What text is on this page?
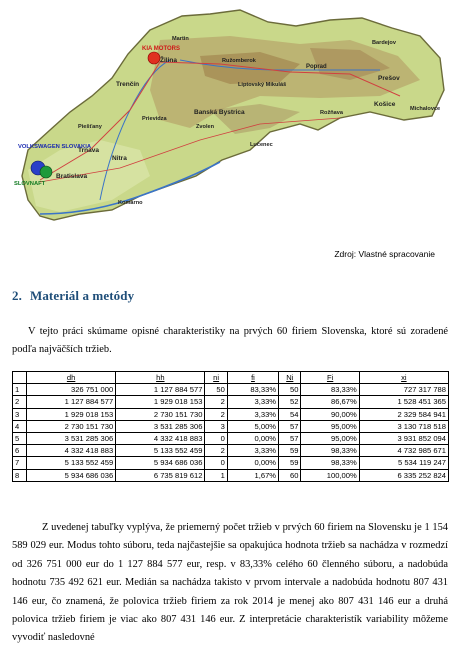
Žilina
Martin
Ružomberok
Liptovský Mikuláš
Poprad
Prešov
Košice
Rožňava
Banská Bystrica
Trenčín
Prievidza
Piešťany
Nitra
Trnava
Bratislava
Lučenec
Komárno
Bardejov
Michalovce
Zvolen
KIA MOTORS
VOLKSWAGEN SLOVAKIA
SLOVNAFT
Zdroj: Vlastné spracovanie
2. Materiál a metódy
V tejto práci skúmame opisné charakteristiky na prvých 60 firiem Slovenska, ktoré sú zoradené podľa najväčších tržieb.
	dh	hh	ni	fi	Ni	Fi	xi
1	326 751 000	1 127 884 577	50	83,33%	50	83,33%	727 317 788
2	1 127 884 577	1 929 018 153	2	3,33%	52	86,67%	1 528 451 365
3	1 929 018 153	2 730 151 730	2	3,33%	54	90,00%	2 329 584 941
4	2 730 151 730	3 531 285 306	3	5,00%	57	95,00%	3 130 718 518
5	3 531 285 306	4 332 418 883	0	0,00%	57	95,00%	3 931 852 094
6	4 332 418 883	5 133 552 459	2	3,33%	59	98,33%	4 732 985 671
7	5 133 552 459	5 934 686 036	0	0,00%	59	98,33%	5 534 119 247
8	5 934 686 036	6 735 819 612	1	1,67%	60	100,00%	6 335 252 824
Z uvedenej tabuľky vyplýva, že priemerný počet tržieb v prvých 60 firiem na Slovensku je 1 154 589 029 eur. Modus tohto súboru, teda najčastejšie sa opakujúca hodnota tržieb sa nachádza v rozmedzí od 326 751 000 eur do 1 127 884 577 eur, resp. v 83,33% celého 60 členného súboru, a nadobúda hodnotu 735 492 621 eur. Medián sa nachádza takisto v prvom intervale a nadobúda hodnotu 807 431 146 eur, čo znamená, že polovica tržieb firiem za rok 2014 je menej ako 807 431 146 eur a druhá polovica tržieb firiem je viac ako 807 431 146 eur. Z interpretácie charakteristík variability môžeme vyvodiť nasledovné
